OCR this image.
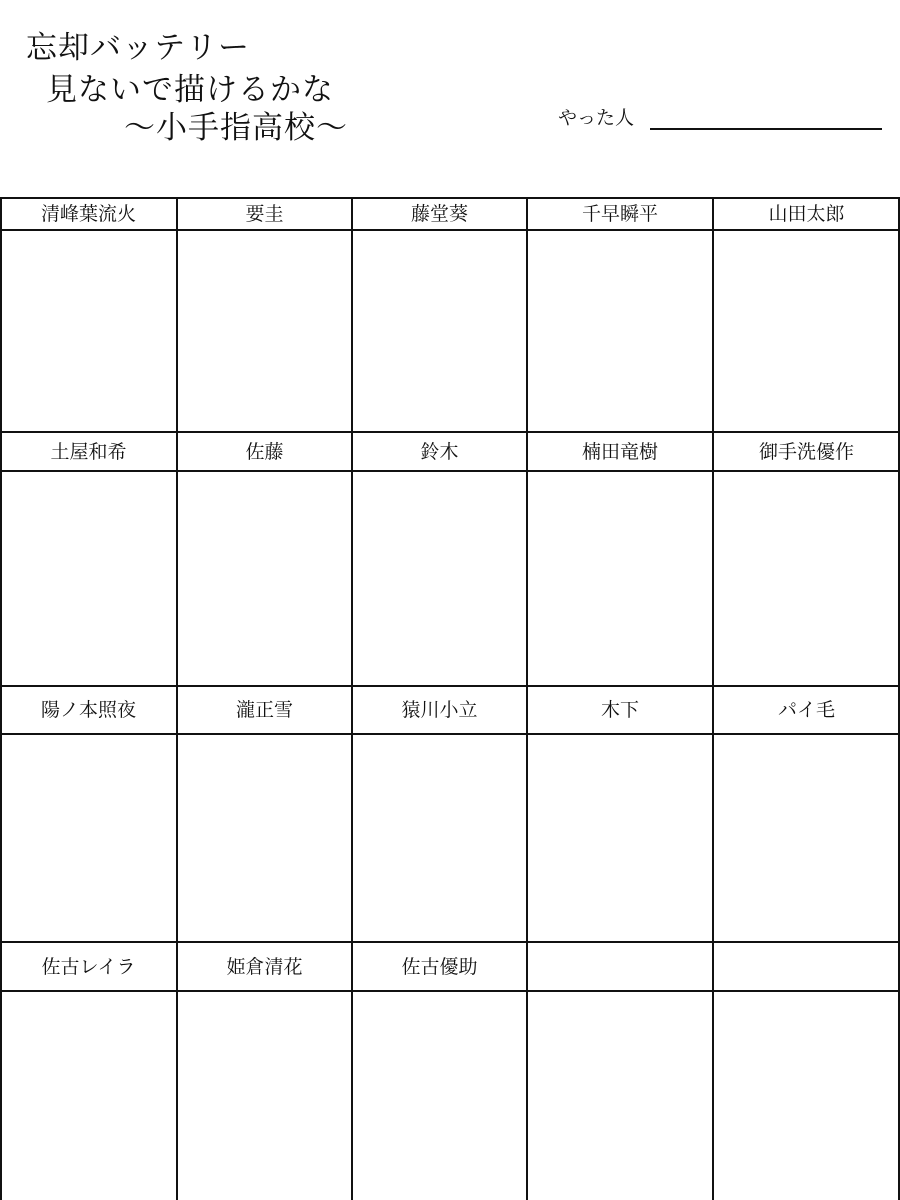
忘却バッテリー
見ないで描けるかな
〜小手指高校〜	やった人
清峰葉流火	要圭	藤堂葵	千早瞬平	山田太郎
土屋和希	佐藤	鈴木	楠田竜樹	御手洗優作
陽ノ本照夜	瀧正雪	猿川小立	木下	パイ毛
佐古レイラ	姫倉清花	佐古優助
